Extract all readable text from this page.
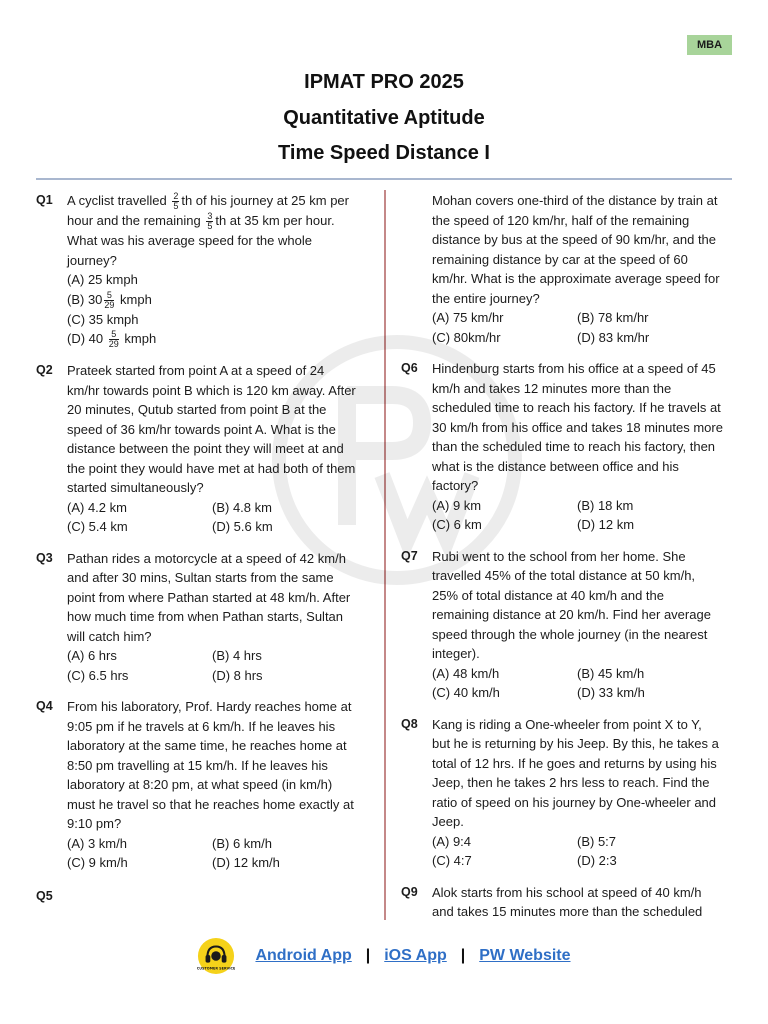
MBA
IPMAT PRO 2025
Quantitative Aptitude
Time Speed Distance I
Q1 A cyclist travelled $\frac{2}{5}$ th of his journey at 25 km per hour and the remaining $\frac{3}{5}$ th at 35 km per hour. What was his average speed for the whole journey?
(A) 25 kmph
(B) $30 \frac{5}{29}$ kmph
(C) 35 kmph
(D) $40 \frac{5}{29}$ kmph
Q2 Prateek started from point A at a speed of 24 km/hr towards point B which is 120 km away. After 20 minutes, Qutub started from point B at the speed of 36 km/hr towards point A. What is the distance between the point they will meet at and the point they would have met at had both of them started simultaneously?
(A) 4.2 km	(B) 4.8 km
(C) 5.4 km	(D) 5.6 km
Q3 Pathan rides a motorcycle at a speed of 42 km/h and after 30 mins, Sultan starts from the same point from where Pathan started at 48 km/h. After how much time from when Pathan starts, Sultan will catch him?
(A) 6 hrs	(B) 4 hrs
(C) 6.5 hrs	(D) 8 hrs
Q4 From his laboratory, Prof. Hardy reaches home at 9:05 pm if he travels at 6 km/h. If he leaves his laboratory at the same time, he reaches home at 8:50 pm travelling at 15 km/h. If he leaves his laboratory at 8:20 pm, at what speed (in km/h) must he travel so that he reaches home exactly at 9:10 pm?
(A) 3 km/h	(B) 6 km/h
(C) 9 km/h	(D) 12 km/h
Q5
Mohan covers one-third of the distance by train at the speed of 120 km/hr, half of the remaining distance by bus at the speed of 90 km/hr, and the remaining distance by car at the speed of 60 km/hr. What is the approximate average speed for the entire journey?
(A) 75 km/hr	(B) 78 km/hr
(C) 80km/hr	(D) 83 km/hr
Q6 Hindenburg starts from his office at a speed of 45 km/h and takes 12 minutes more than the scheduled time to reach his factory. If he travels at 30 km/h from his office and takes 18 minutes more than the scheduled time to reach his factory, then what is the distance between office and his factory?
(A) 9 km	(B) 18 km
(C) 6 km	(D) 12 km
Q7 Rubi went to the school from her home. She travelled 45% of the total distance at 50 km/h, 25% of total distance at 40 km/h and the remaining distance at 20 km/h. Find her average speed through the whole journey (in the nearest integer).
(A) 48 km/h	(B) 45 km/h
(C) 40 km/h	(D) 33 km/h
Q8 Kang is riding a One-wheeler from point X to Y, but he is returning by his Jeep. By this, he takes a total of 12 hrs. If he goes and returns by using his Jeep, then he takes 2 hrs less to reach. Find the ratio of speed on his journey by One-wheeler and Jeep.
(A) 9:4	(B) 5:7
(C) 4:7	(D) 2:3
Q9 Alok starts from his school at speed of 40 km/h and takes 15 minutes more than the scheduled
CUSTOMER SERVICE
Android App | iOS App | PW Website
